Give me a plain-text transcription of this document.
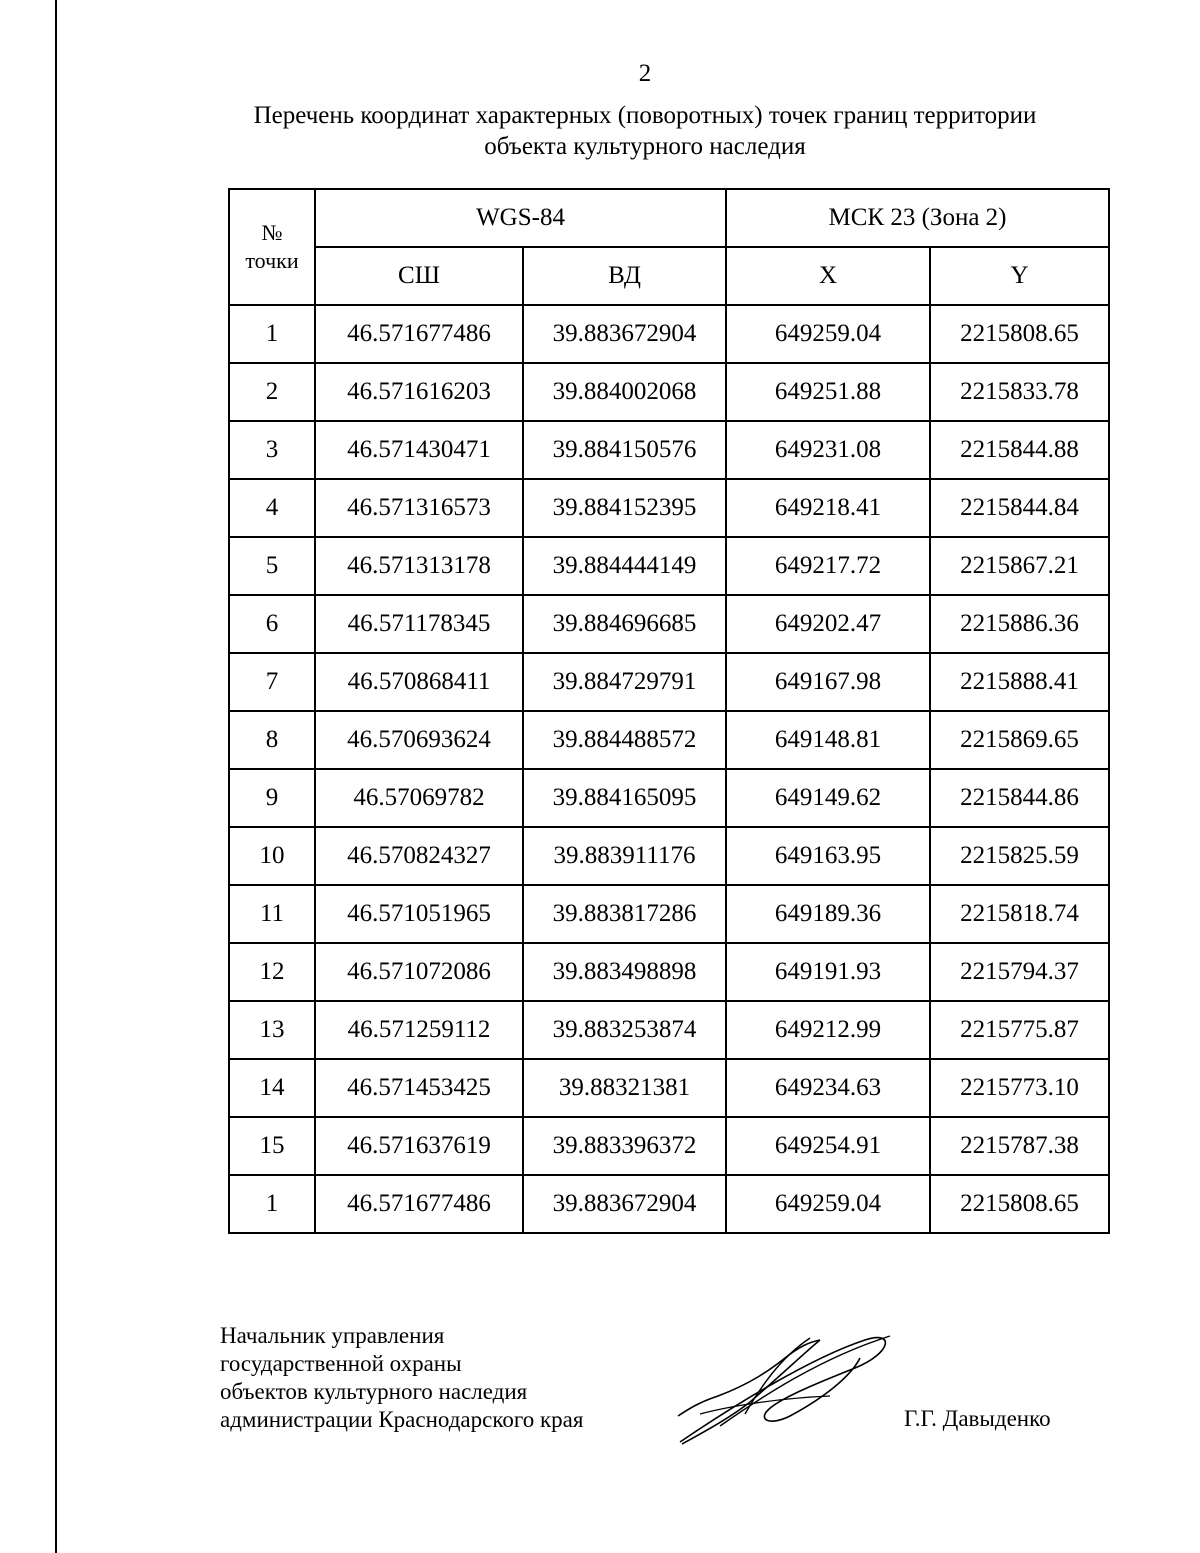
2
Перечень координат характерных (поворотных) точек границ территории
объекта культурного наследия
№
точки	WGS-84		МСК 23 (Зона 2)	
	СШ	ВД	X	Y
1	46.571677486	39.883672904	649259.04	2215808.65
2	46.571616203	39.884002068	649251.88	2215833.78
3	46.571430471	39.884150576	649231.08	2215844.88
4	46.571316573	39.884152395	649218.41	2215844.84
5	46.571313178	39.884444149	649217.72	2215867.21
6	46.571178345	39.884696685	649202.47	2215886.36
7	46.570868411	39.884729791	649167.98	2215888.41
8	46.570693624	39.884488572	649148.81	2215869.65
9	46.57069782	39.884165095	649149.62	2215844.86
10	46.570824327	39.883911176	649163.95	2215825.59
11	46.571051965	39.883817286	649189.36	2215818.74
12	46.571072086	39.883498898	649191.93	2215794.37
13	46.571259112	39.883253874	649212.99	2215775.87
14	46.571453425	39.88321381	649234.63	2215773.10
15	46.571637619	39.883396372	649254.91	2215787.38
1	46.571677486	39.883672904	649259.04	2215808.65
Начальник управления
государственной охраны
объектов культурного наследия
администрации Краснодарского края	Г.Г. Давыденко
